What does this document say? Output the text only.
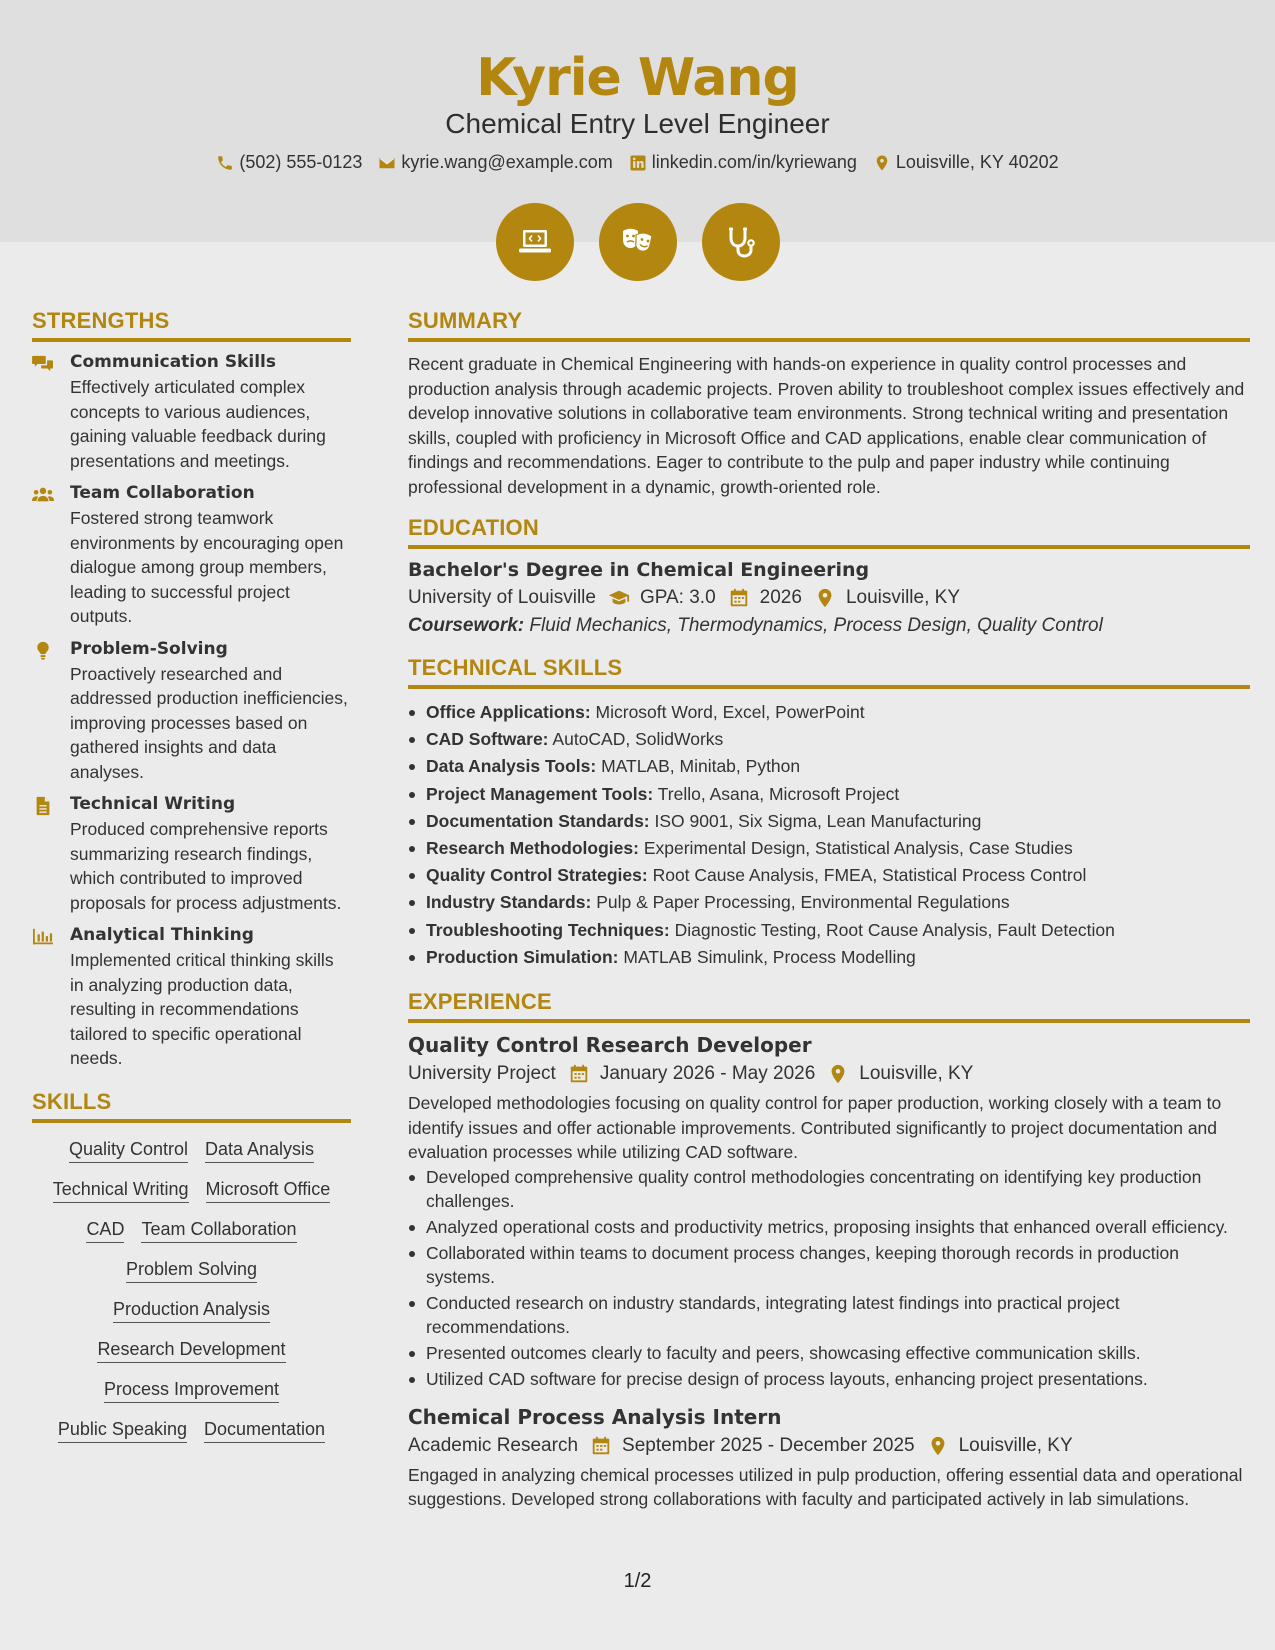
Kyrie Wang
Chemical Entry Level Engineer
(502) 555-0123 kyrie.wang@example.com linkedin.com/in/kyriewang Louisville, KY 40202
STRENGTHS
Communication Skills
Effectively articulated complex concepts to various audiences, gaining valuable feedback during presentations and meetings.
Team Collaboration
Fostered strong teamwork environments by encouraging open dialogue among group members, leading to successful project outputs.
Problem-Solving
Proactively researched and addressed production inefficiencies, improving processes based on gathered insights and data analyses.
Technical Writing
Produced comprehensive reports summarizing research findings, which contributed to improved proposals for process adjustments.
Analytical Thinking
Implemented critical thinking skills in analyzing production data, resulting in recommendations tailored to specific operational needs.
SKILLS
Quality Control Data Analysis
Technical Writing Microsoft Office
CAD Team Collaboration
Problem Solving
Production Analysis
Research Development
Process Improvement
Public Speaking Documentation
SUMMARY
Recent graduate in Chemical Engineering with hands-on experience in quality control processes and production analysis through academic projects. Proven ability to troubleshoot complex issues effectively and develop innovative solutions in collaborative team environments. Strong technical writing and presentation skills, coupled with proficiency in Microsoft Office and CAD applications, enable clear communication of findings and recommendations. Eager to contribute to the pulp and paper industry while continuing professional development in a dynamic, growth-oriented role.
EDUCATION
Bachelor's Degree in Chemical Engineering
University of Louisville GPA: 3.0 2026 Louisville, KY
Coursework: Fluid Mechanics, Thermodynamics, Process Design, Quality Control
TECHNICAL SKILLS
Office Applications: Microsoft Word, Excel, PowerPoint
CAD Software: AutoCAD, SolidWorks
Data Analysis Tools: MATLAB, Minitab, Python
Project Management Tools: Trello, Asana, Microsoft Project
Documentation Standards: ISO 9001, Six Sigma, Lean Manufacturing
Research Methodologies: Experimental Design, Statistical Analysis, Case Studies
Quality Control Strategies: Root Cause Analysis, FMEA, Statistical Process Control
Industry Standards: Pulp & Paper Processing, Environmental Regulations
Troubleshooting Techniques: Diagnostic Testing, Root Cause Analysis, Fault Detection
Production Simulation: MATLAB Simulink, Process Modelling
EXPERIENCE
Quality Control Research Developer
University Project January 2026 - May 2026 Louisville, KY
Developed methodologies focusing on quality control for paper production, working closely with a team to identify issues and offer actionable improvements. Contributed significantly to project documentation and evaluation processes while utilizing CAD software.
Developed comprehensive quality control methodologies concentrating on identifying key production challenges.
Analyzed operational costs and productivity metrics, proposing insights that enhanced overall efficiency.
Collaborated within teams to document process changes, keeping thorough records in production systems.
Conducted research on industry standards, integrating latest findings into practical project recommendations.
Presented outcomes clearly to faculty and peers, showcasing effective communication skills.
Utilized CAD software for precise design of process layouts, enhancing project presentations.
Chemical Process Analysis Intern
Academic Research September 2025 - December 2025 Louisville, KY
Engaged in analyzing chemical processes utilized in pulp production, offering essential data and operational suggestions. Developed strong collaborations with faculty and participated actively in lab simulations.
1/2
